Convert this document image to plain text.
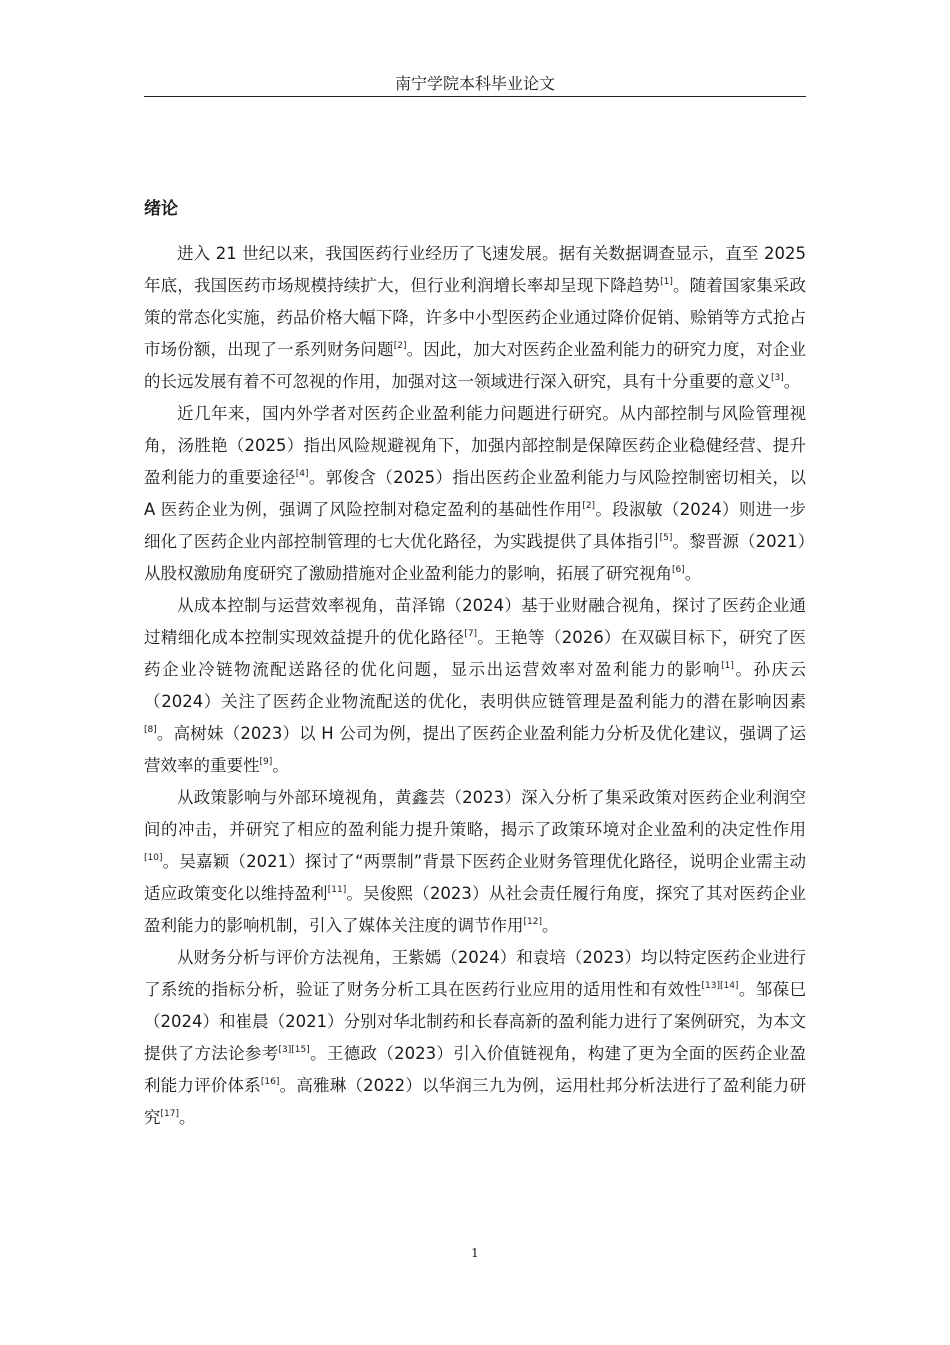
南宁学院本科毕业论文
绪论

进入 21 世纪以来，我国医药行业经历了飞速发展。据有关数据调查显示，直至 2025 年底，我国医药市场规模持续扩大，但行业利润增长率却呈现下降趋势[1]。随着国家集采政策的常态化实施，药品价格大幅下降，许多中小型医药企业通过降价促销、赊销等方式抢占市场份额，出现了一系列财务问题[2]。因此，加大对医药企业盈利能力的研究力度，对企业的长远发展有着不可忽视的作用，加强对这一领域进行深入研究，具有十分重要的意义[3]。

近几年来，国内外学者对医药企业盈利能力问题进行研究。从内部控制与风险管理视角，汤胜艳（2025）指出风险规避视角下，加强内部控制是保障医药企业稳健经营、提升盈利能力的重要途径[4]。郭俊含（2025）指出医药企业盈利能力与风险控制密切相关，以 A 医药企业为例，强调了风险控制对稳定盈利的基础性作用[2]。段淑敏（2024）则进一步细化了医药企业内部控制管理的七大优化路径，为实践提供了具体指引[5]。黎晋源（2021）从股权激励角度研究了激励措施对企业盈利能力的影响，拓展了研究视角[6]。

从成本控制与运营效率视角，苗泽锦（2024）基于业财融合视角，探讨了医药企业通过精细化成本控制实现效益提升的优化路径[7]。王艳等（2026）在双碳目标下，研究了医药企业冷链物流配送路径的优化问题，显示出运营效率对盈利能力的影响[1]。孙庆云（2024）关注了医药企业物流配送的优化，表明供应链管理是盈利能力的潜在影响因素[8]。高树妹（2023）以 H 公司为例，提出了医药企业盈利能力分析及优化建议，强调了运营效率的重要性[9]。

从政策影响与外部环境视角，黄鑫芸（2023）深入分析了集采政策对医药企业利润空间的冲击，并研究了相应的盈利能力提升策略，揭示了政策环境对企业盈利的决定性作用[10]。吴嘉颖（2021）探讨了“两票制”背景下医药企业财务管理优化路径，说明企业需主动适应政策变化以维持盈利[11]。吴俊熙（2023）从社会责任履行角度，探究了其对医药企业盈利能力的影响机制，引入了媒体关注度的调节作用[12]。

从财务分析与评价方法视角，王紫嫣（2024）和袁培（2023）均以特定医药企业进行了系统的指标分析，验证了财务分析工具在医药行业应用的适用性和有效性[13][14]。邹葆巳（2024）和崔晨（2021）分别对华北制药和长春高新的盈利能力进行了案例研究，为本文提供了方法论参考[3][15]。王德政（2023）引入价值链视角，构建了更为全面的医药企业盈利能力评价体系[16]。高雅琳（2022）以华润三九为例，运用杜邦分析法进行了盈利能力研究[17]。

1
